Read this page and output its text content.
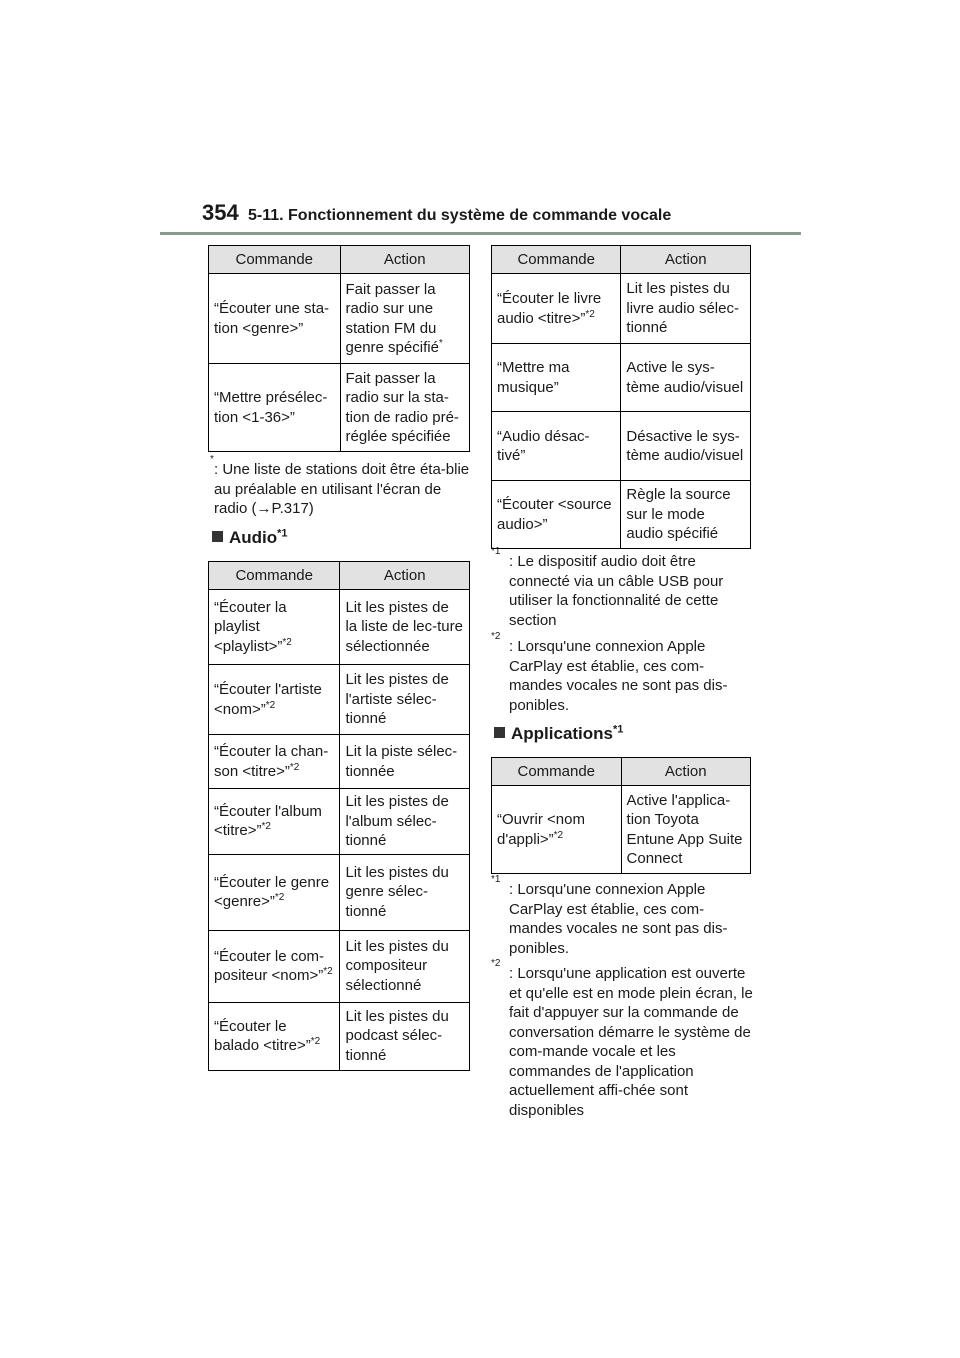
354 5-11. Fonctionnement du système de commande vocale
Commande	Action
“Écouter une sta-tion <genre>”	Fait passer la radio sur une station FM du genre spécifié*
“Mettre présélec-tion <1-36>”	Fait passer la radio sur la sta-tion de radio pré-réglée spécifiée
*
: Une liste de stations doit être éta-blie au préalable en utilisant l'écran de radio (→P.317)
Audio$^{*1}$
Commande	Action
“Écouter la playlist <playlist>”$^{*2}$	Lit les pistes de la liste de lec-ture sélectionnée
“Écouter l'artiste <nom>”$^{*2}$	Lit les pistes de l'artiste sélec-tionné
“Écouter la chan-son <titre>”$^{*2}$	Lit la piste sélec-tionnée
“Écouter l'album <titre>”$^{*2}$	Lit les pistes de l'album sélec-tionné
“Écouter le genre <genre>”$^{*2}$	Lit les pistes du genre sélec-tionné
“Écouter le com-positeur <nom>”$^{*2}$	Lit les pistes du compositeur sélectionné
“Écouter le balado <titre>”$^{*2}$	Lit les pistes du podcast sélec-tionné
Commande	Action
“Écouter le livre audio <titre>”$^{*2}$	Lit les pistes du livre audio sélec-tionné
“Mettre ma musique”	Active le sys-tème audio/visuel
“Audio désac-tivé”	Désactive le sys-tème audio/visuel
“Écouter <source audio>”	Règle la source sur le mode audio spécifié
*1
: Le dispositif audio doit être connecté via un câble USB pour utiliser la fonctionnalité de cette section
*2
: Lorsqu'une connexion Apple CarPlay est établie, ces com-mandes vocales ne sont pas dis-ponibles.
Applications$^{*1}$
Commande	Action
“Ouvrir <nom d'appli>”$^{*2}$	Active l'applica-tion Toyota Entune App Suite Connect
*1
: Lorsqu'une connexion Apple CarPlay est établie, ces com-mandes vocales ne sont pas dis-ponibles.
*2
: Lorsqu'une application est ouverte et qu'elle est en mode plein écran, le fait d'appuyer sur la commande de conversation démarre le système de com-mande vocale et les commandes de l'application actuellement affi-chée sont disponibles
